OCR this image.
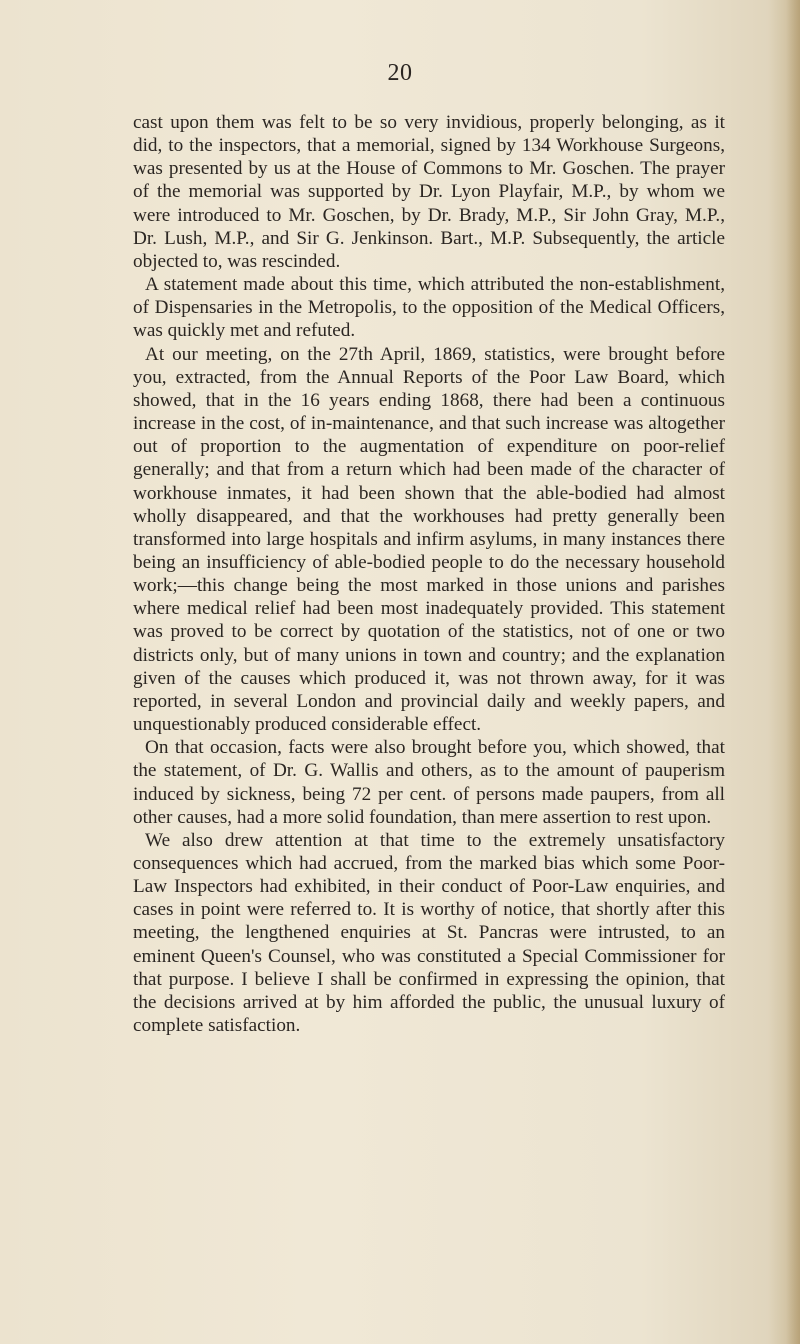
20

cast upon them was felt to be so very invidious, properly belonging, as it did, to the inspectors, that a memorial, signed by 134 Workhouse Surgeons, was presented by us at the House of Commons to Mr. Goschen. The prayer of the memorial was supported by Dr. Lyon Playfair, M.P., by whom we were introduced to Mr. Goschen, by Dr. Brady, M.P., Sir John Gray, M.P., Dr. Lush, M.P., and Sir G. Jenkinson. Bart., M.P. Subsequently, the article objected to, was rescinded.

A statement made about this time, which attributed the non-establishment, of Dispensaries in the Metropolis, to the opposition of the Medical Officers, was quickly met and refuted.

At our meeting, on the 27th April, 1869, statistics, were brought before you, extracted, from the Annual Reports of the Poor Law Board, which showed, that in the 16 years ending 1868, there had been a continuous increase in the cost, of in-maintenance, and that such increase was altogether out of proportion to the augmentation of expenditure on poor-relief generally; and that from a return which had been made of the character of workhouse inmates, it had been shown that the able-bodied had almost wholly disappeared, and that the workhouses had pretty generally been transformed into large hospitals and infirm asylums, in many instances there being an insufficiency of able-bodied people to do the necessary household work;—this change being the most marked in those unions and parishes where medical relief had been most inadequately provided. This statement was proved to be correct by quotation of the statistics, not of one or two districts only, but of many unions in town and country; and the explanation given of the causes which produced it, was not thrown away, for it was reported, in several London and provincial daily and weekly papers, and unquestionably produced considerable effect.

On that occasion, facts were also brought before you, which showed, that the statement, of Dr. G. Wallis and others, as to the amount of pauperism induced by sickness, being 72 per cent. of persons made paupers, from all other causes, had a more solid foundation, than mere assertion to rest upon.

We also drew attention at that time to the extremely unsatisfactory consequences which had accrued, from the marked bias which some Poor-Law Inspectors had exhibited, in their conduct of Poor-Law enquiries, and cases in point were referred to. It is worthy of notice, that shortly after this meeting, the lengthened enquiries at St. Pancras were intrusted, to an eminent Queen's Counsel, who was constituted a Special Commissioner for that purpose. I believe I shall be confirmed in expressing the opinion, that the decisions arrived at by him afforded the public, the unusual luxury of complete satisfaction.
